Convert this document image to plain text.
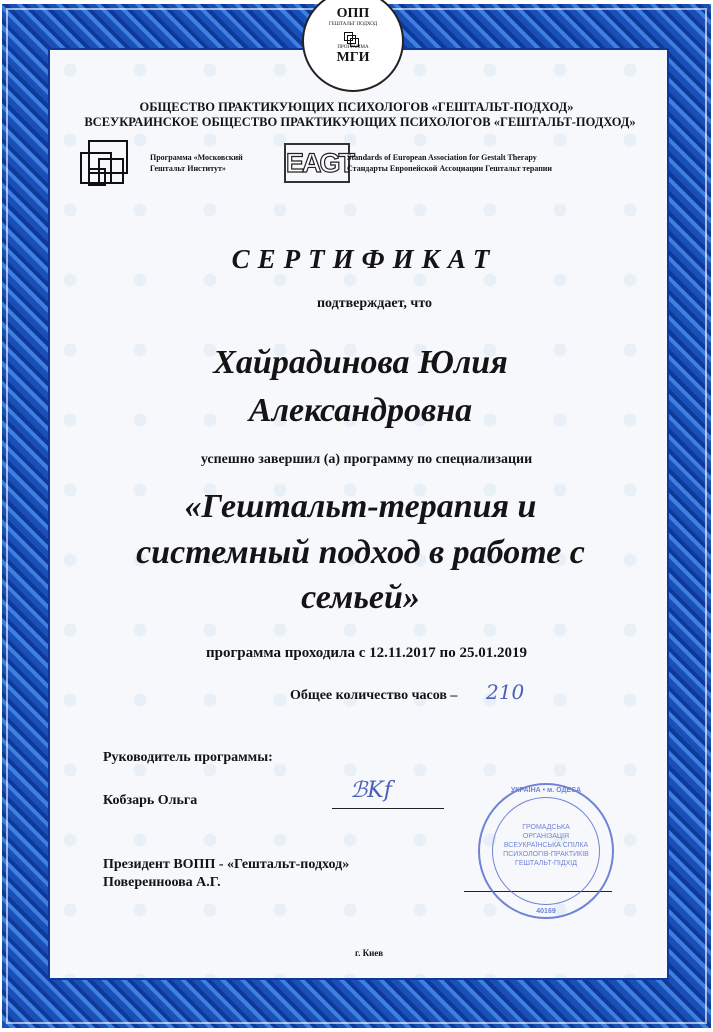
ОПП
ГЕШТАЛЬТ ПОДХОД
ПРОГРАММА
МГИ
ОБЩЕСТВО ПРАКТИКУЮЩИХ ПСИХОЛОГОВ «ГЕШТАЛЬТ-ПОДХОД»
ВСЕУКРАИНСКОЕ ОБЩЕСТВО ПРАКТИКУЮЩИХ ПСИХОЛОГОВ «ГЕШТАЛЬТ-ПОДХОД»
Программа «Московский
Гештальт Институт»	EAGT
Standards of European Association for Gestalt Therapy
Стандарты Европейской Ассоциации Гештальт терапии
СЕРТИФИКАТ
подтверждает, что
Хайрадинова Юлия
Александровна
успешно завершил (а) программу по специализации
«Гештальт-терапия и
системный подход в работе с
семьей»
программа проходила с 12.11.2017 по 25.01.2019
Общее количество часов – 210
Руководитель программы:
Кобзарь Ольга	ℬKf
Президент ВОПП - «Гештальт-подход»
Поверенноова А.Г.
УКРАЇНА • м. ОДЕСА
ГРОМАДСЬКА ОРГАНІЗАЦІЯ ВСЕУКРАЇНСЬКА СПІЛКА ПСИХОЛОГІВ-ПРАКТИКІВ ГЕШТАЛЬТ-ПІДХІД
40169
г. Киев
